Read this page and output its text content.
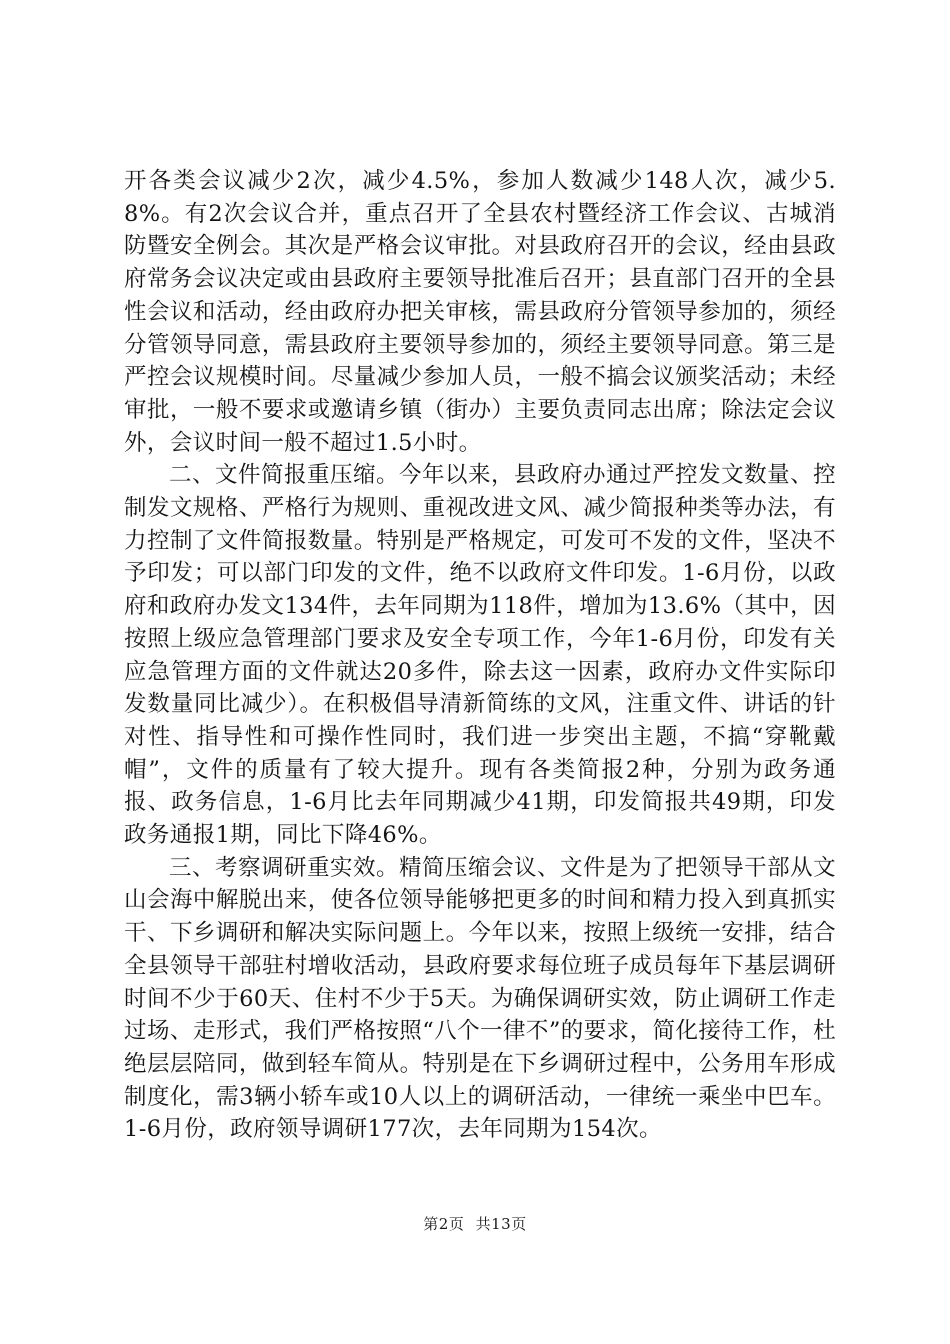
开各类会议减少2次，减少4.5%，参加人数减少148人次，减少5.8%。有2次会议合并，重点召开了全县农村暨经济工作会议、古城消防暨安全例会。其次是严格会议审批。对县政府召开的会议，经由县政府常务会议决定或由县政府主要领导批准后召开；县直部门召开的全县性会议和活动，经由政府办把关审核，需县政府分管领导参加的，须经分管领导同意，需县政府主要领导参加的，须经主要领导同意。第三是严控会议规模时间。尽量减少参加人员，一般不搞会议颁奖活动；未经审批，一般不要求或邀请乡镇（街办）主要负责同志出席；除法定会议外，会议时间一般不超过1.5小时。

二、文件简报重压缩。今年以来，县政府办通过严控发文数量、控制发文规格、严格行为规则、重视改进文风、减少简报种类等办法，有力控制了文件简报数量。特别是严格规定，可发可不发的文件，坚决不予印发；可以部门印发的文件，绝不以政府文件印发。1-6月份，以政府和政府办发文134件，去年同期为118件，增加为13.6%（其中，因按照上级应急管理部门要求及安全专项工作，今年1-6月份，印发有关应急管理方面的文件就达20多件，除去这一因素，政府办文件实际印发数量同比减少）。在积极倡导清新简练的文风，注重文件、讲话的针对性、指导性和可操作性同时，我们进一步突出主题，不搞“穿靴戴帽”，文件的质量有了较大提升。现有各类简报2种，分别为政务通报、政务信息，1-6月比去年同期减少41期，印发简报共49期，印发政务通报1期，同比下降46%。

三、考察调研重实效。精简压缩会议、文件是为了把领导干部从文山会海中解脱出来，使各位领导能够把更多的时间和精力投入到真抓实干、下乡调研和解决实际问题上。今年以来，按照上级统一安排，结合全县领导干部驻村增收活动，县政府要求每位班子成员每年下基层调研时间不少于60天、住村不少于5天。为确保调研实效，防止调研工作走过场、走形式，我们严格按照“八个一律不”的要求，简化接待工作，杜绝层层陪同，做到轻车简从。特别是在下乡调研过程中，公务用车形成制度化，需3辆小轿车或10人以上的调研活动，一律统一乘坐中巴车。1-6月份，政府领导调研177次，去年同期为154次。

第2页 共13页
